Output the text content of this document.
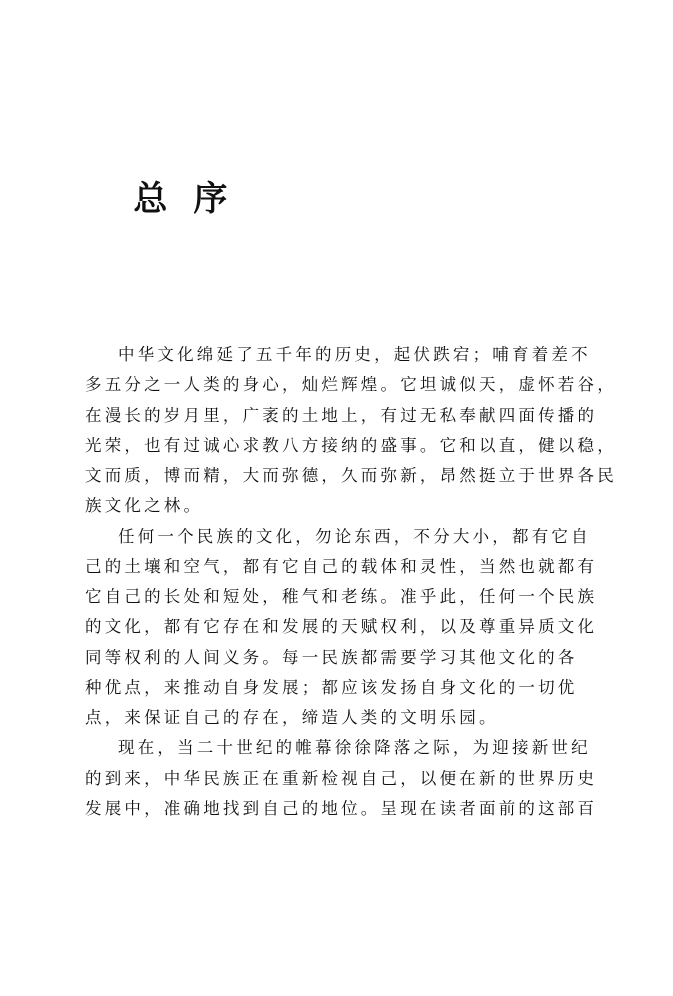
总 序

中华文化绵延了五千年的历史，起伏跌宕；哺育着差不
多五分之一人类的身心，灿烂辉煌。它坦诚似天，虚怀若谷，
在漫长的岁月里，广袤的土地上，有过无私奉献四面传播的
光荣，也有过诚心求教八方接纳的盛事。它和以直，健以稳，
文而质，博而精，大而弥德，久而弥新，昂然挺立于世界各民
族文化之林。
任何一个民族的文化，勿论东西，不分大小，都有它自
己的土壤和空气，都有它自己的载体和灵性，当然也就都有
它自己的长处和短处，稚气和老练。准乎此，任何一个民族
的文化，都有它存在和发展的天赋权利，以及尊重异质文化
同等权利的人间义务。每一民族都需要学习其他文化的各
种优点，来推动自身发展；都应该发扬自身文化的一切优
点，来保证自己的存在，缔造人类的文明乐园。
现在，当二十世纪的帷幕徐徐降落之际，为迎接新世纪
的到来，中华民族正在重新检视自己，以便在新的世界历史
发展中，准确地找到自己的地位。呈现在读者面前的这部百
